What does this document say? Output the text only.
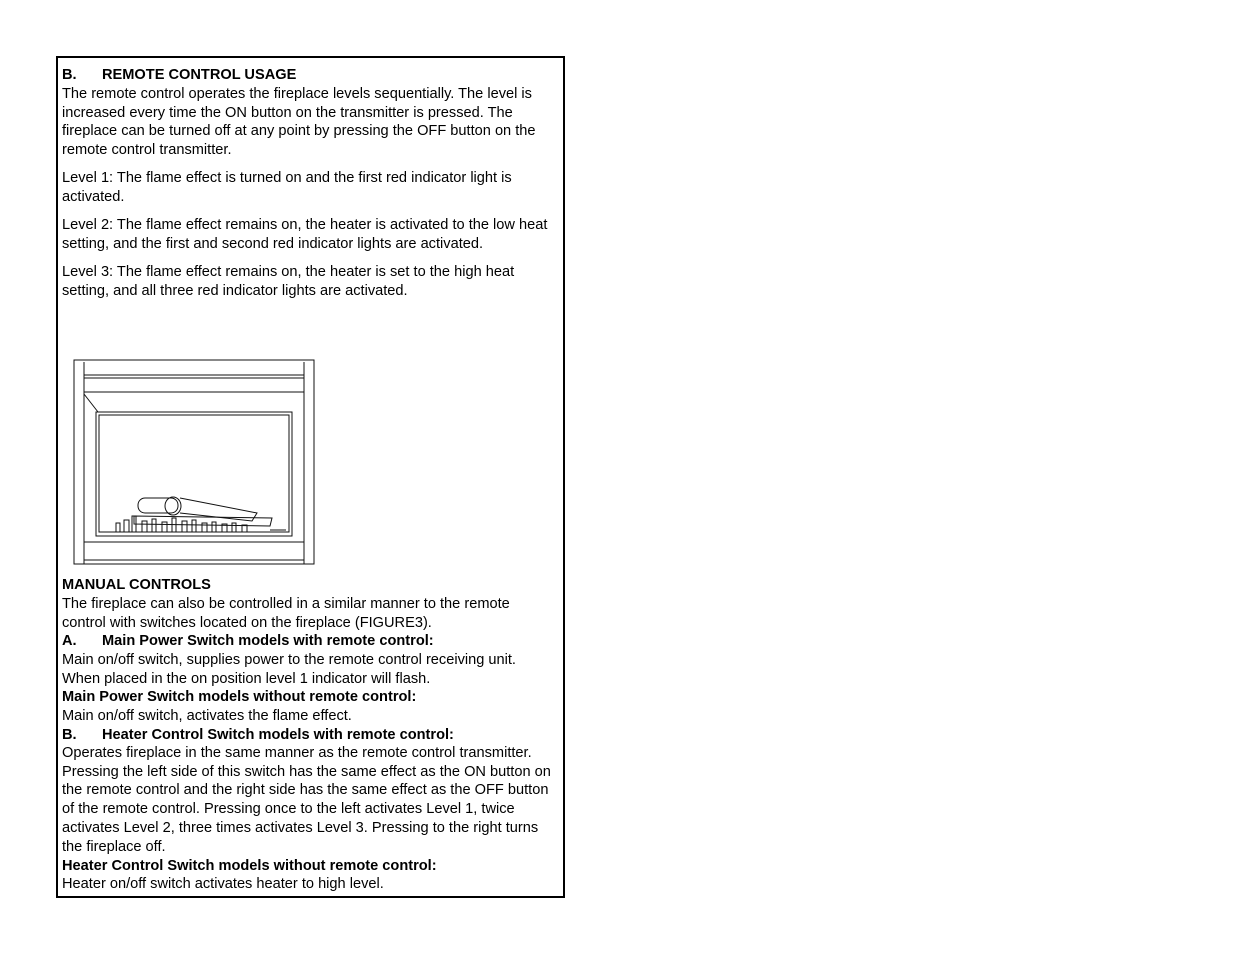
B. REMOTE CONTROL USAGE
The remote control operates the fireplace levels sequentially. The level is increased every time the ON button on the transmitter is pressed. The fireplace can be turned off at any point by pressing the OFF button on the remote control transmitter.
Level 1: The flame effect is turned on and the first red indicator light is activated.
Level 2: The flame effect remains on, the heater is activated to the low heat setting, and the first and second red indicator lights are activated.
Level 3: The flame effect remains on, the heater is set to the high heat setting, and all three red indicator lights are activated.
MANUAL CONTROLS
The fireplace can also be controlled in a similar manner to the remote control with switches located on the fireplace (FIGURE3).
A. Main Power Switch models with remote control:
Main on/off switch, supplies power to the remote control receiving unit. When placed in the on position level 1 indicator will flash.
Main Power Switch models without remote control:
Main on/off switch, activates the flame effect.
B. Heater Control Switch models with remote control:
Operates fireplace in the same manner as the remote control transmitter. Pressing the left side of this switch has the same effect as the ON button on the remote control and the right side has the same effect as the OFF button of the remote control. Pressing once to the left activates Level 1, twice activates Level 2, three times activates Level 3. Pressing to the right turns the fireplace off.
Heater Control Switch models without remote control:
Heater on/off switch activates heater to high level.
